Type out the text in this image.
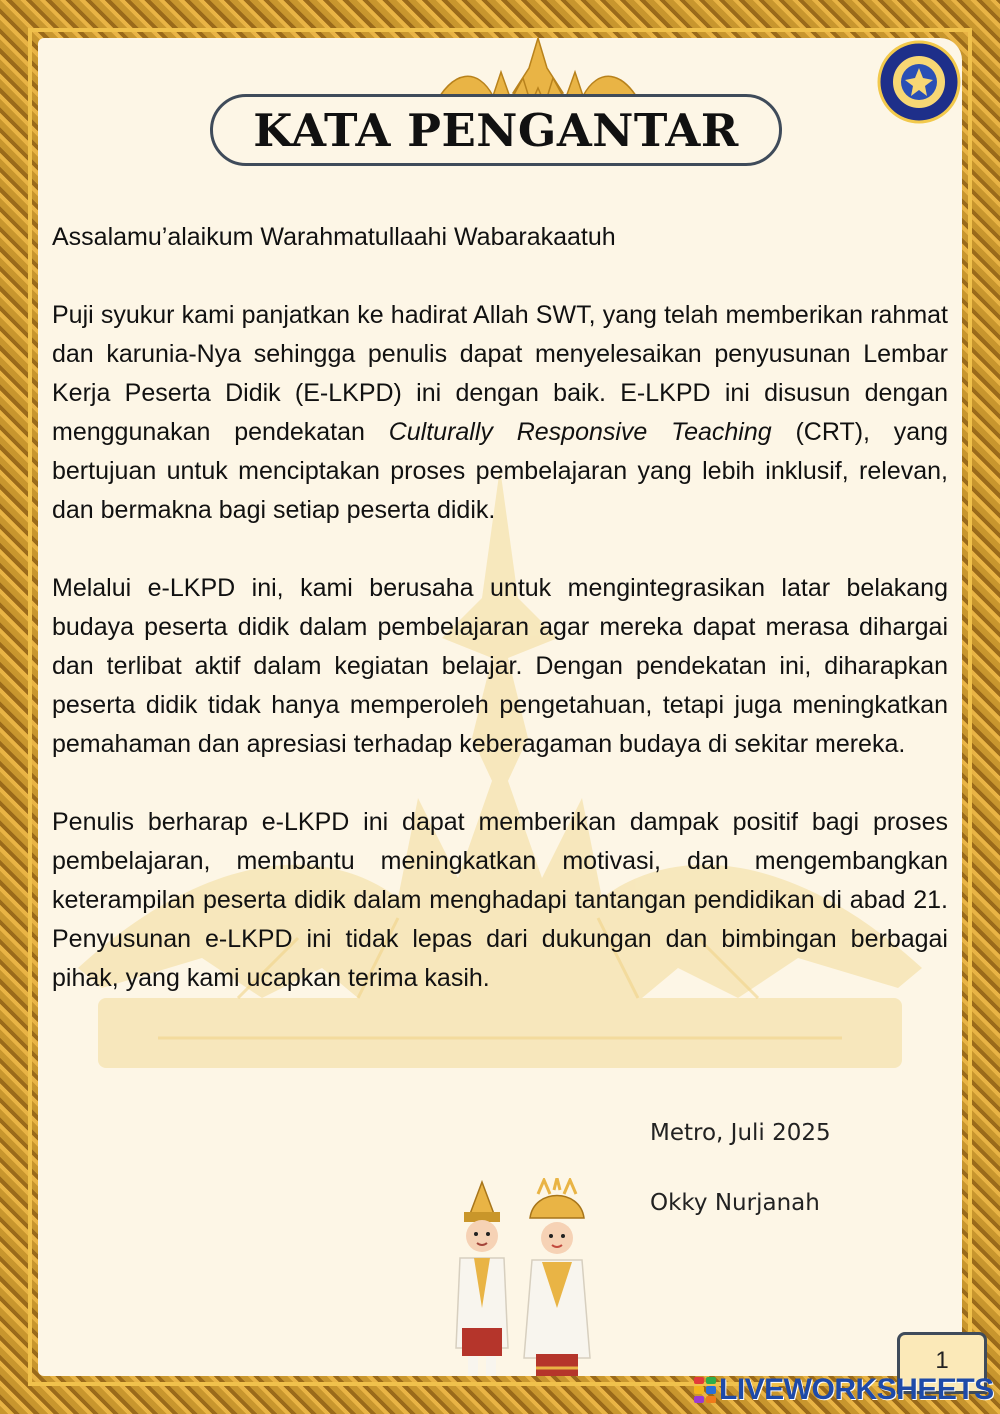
Assalamu’alaikum Warahmatullaahi Wabarakaatuh

Puji syukur kami panjatkan ke hadirat Allah SWT, yang telah memberikan rahmat dan karunia-Nya sehingga penulis dapat menyelesaikan penyusunan Lembar Kerja Peserta Didik (E-LKPD) ini dengan baik. E-LKPD ini disusun dengan menggunakan pendekatan Culturally Responsive Teaching (CRT), yang bertujuan untuk menciptakan proses pembelajaran yang lebih inklusif, relevan, dan bermakna bagi setiap peserta didik.

Melalui e-LKPD ini, kami berusaha untuk mengintegrasikan latar belakang budaya peserta didik dalam pembelajaran agar mereka dapat merasa dihargai dan terlibat aktif dalam kegiatan belajar. Dengan pendekatan ini, diharapkan peserta didik tidak hanya memperoleh pengetahuan, tetapi juga meningkatkan pemahaman dan apresiasi terhadap keberagaman budaya di sekitar mereka.

Penulis berharap e-LKPD ini dapat memberikan dampak positif bagi proses pembelajaran, membantu meningkatkan motivasi, dan mengembangkan keterampilan peserta didik dalam menghadapi tantangan pendidikan di abad 21. Penyusunan e-LKPD ini tidak lepas dari dukungan dan bimbingan berbagai pihak, yang kami ucapkan terima kasih.

Metro, Juli 2025
Okky Nurjanah
1
LIVEWORKSHEETS
KATA PENGANTAR
